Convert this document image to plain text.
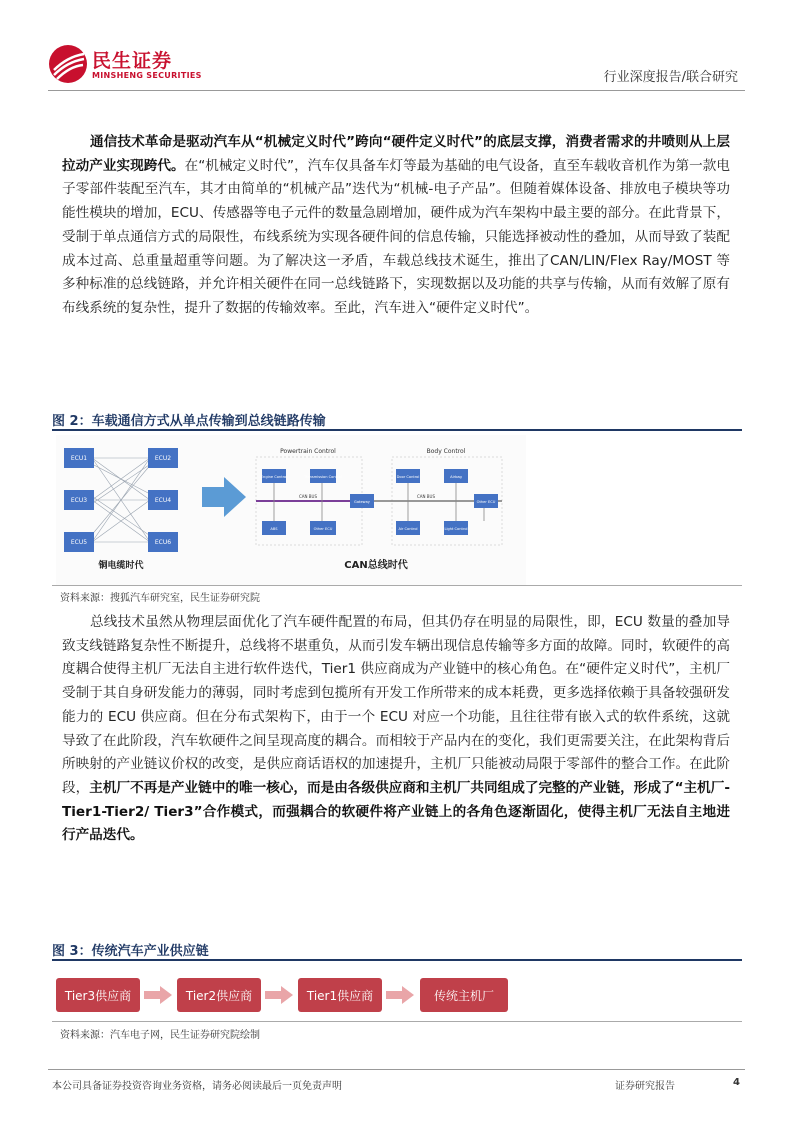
民生证券
MINSHENG SECURITIES	行业深度报告/联合研究
通信技术革命是驱动汽车从“机械定义时代”跨向“硬件定义时代”的底层支撑，消费者需求的井喷则从上层拉动产业实现跨代。在“机械定义时代”，汽车仅具备车灯等最为基础的电气设备，直至车载收音机作为第一款电子零部件装配至汽车，其才由简单的“机械产品”迭代为“机械-电子产品”。但随着媒体设备、排放电子模块等功能性模块的增加，ECU、传感器等电子元件的数量急剧增加，硬件成为汽车架构中最主要的部分。在此背景下，受制于单点通信方式的局限性，布线系统为实现各硬件间的信息传输，只能选择被动性的叠加，从而导致了装配成本过高、总重量超重等问题。为了解决这一矛盾，车载总线技术诞生，推出了CAN/LIN/Flex Ray/MOST 等多种标准的总线链路，并允许相关硬件在同一总线链路下，实现数据以及功能的共享与传输，从而有效解了原有布线系统的复杂性，提升了数据的传输效率。至此，汽车进入“硬件定义时代”。
图 2：车载通信方式从单点传输到总线链路传输
ECU1
ECU3
ECU5
ECU2
ECU4
ECU6
铜电缆时代
Powertrain Control	Body Control
CAN BUS	CAN BUS
Engine Control	Transmission Control
ABS	Other ECU
Gateway
Door Control	Airbag
Air Control	Light Control
Other ECU
CAN总线时代
资料来源：搜狐汽车研究室，民生证券研究院
总线技术虽然从物理层面优化了汽车硬件配置的布局，但其仍存在明显的局限性，即，ECU 数量的叠加导致支线链路复杂性不断提升，总线将不堪重负，从而引发车辆出现信息传输等多方面的故障。同时，软硬件的高度耦合使得主机厂无法自主进行软件迭代，Tier1 供应商成为产业链中的核心角色。在“硬件定义时代”，主机厂受制于其自身研发能力的薄弱，同时考虑到包揽所有开发工作所带来的成本耗费，更多选择依赖于具备较强研发能力的 ECU 供应商。但在分布式架构下，由于一个 ECU 对应一个功能，且往往带有嵌入式的软件系统，这就导致了在此阶段，汽车软硬件之间呈现高度的耦合。而相较于产品内在的变化，我们更需要关注，在此架构背后所映射的产业链议价权的改变，是供应商话语权的加速提升，主机厂只能被动局限于零部件的整合工作。在此阶段，主机厂不再是产业链中的唯一核心，而是由各级供应商和主机厂共同组成了完整的产业链，形成了“主机厂-Tier1-Tier2/ Tier3”合作模式，而强耦合的软硬件将产业链上的各角色逐渐固化，使得主机厂无法自主地进行产品迭代。
图 3：传统汽车产业供应链
Tier3供应商	Tier2供应商	Tier1供应商	传统主机厂
资料来源：汽车电子网，民生证券研究院绘制
本公司具备证券投资咨询业务资格，请务必阅读最后一页免责声明	证券研究报告	4
